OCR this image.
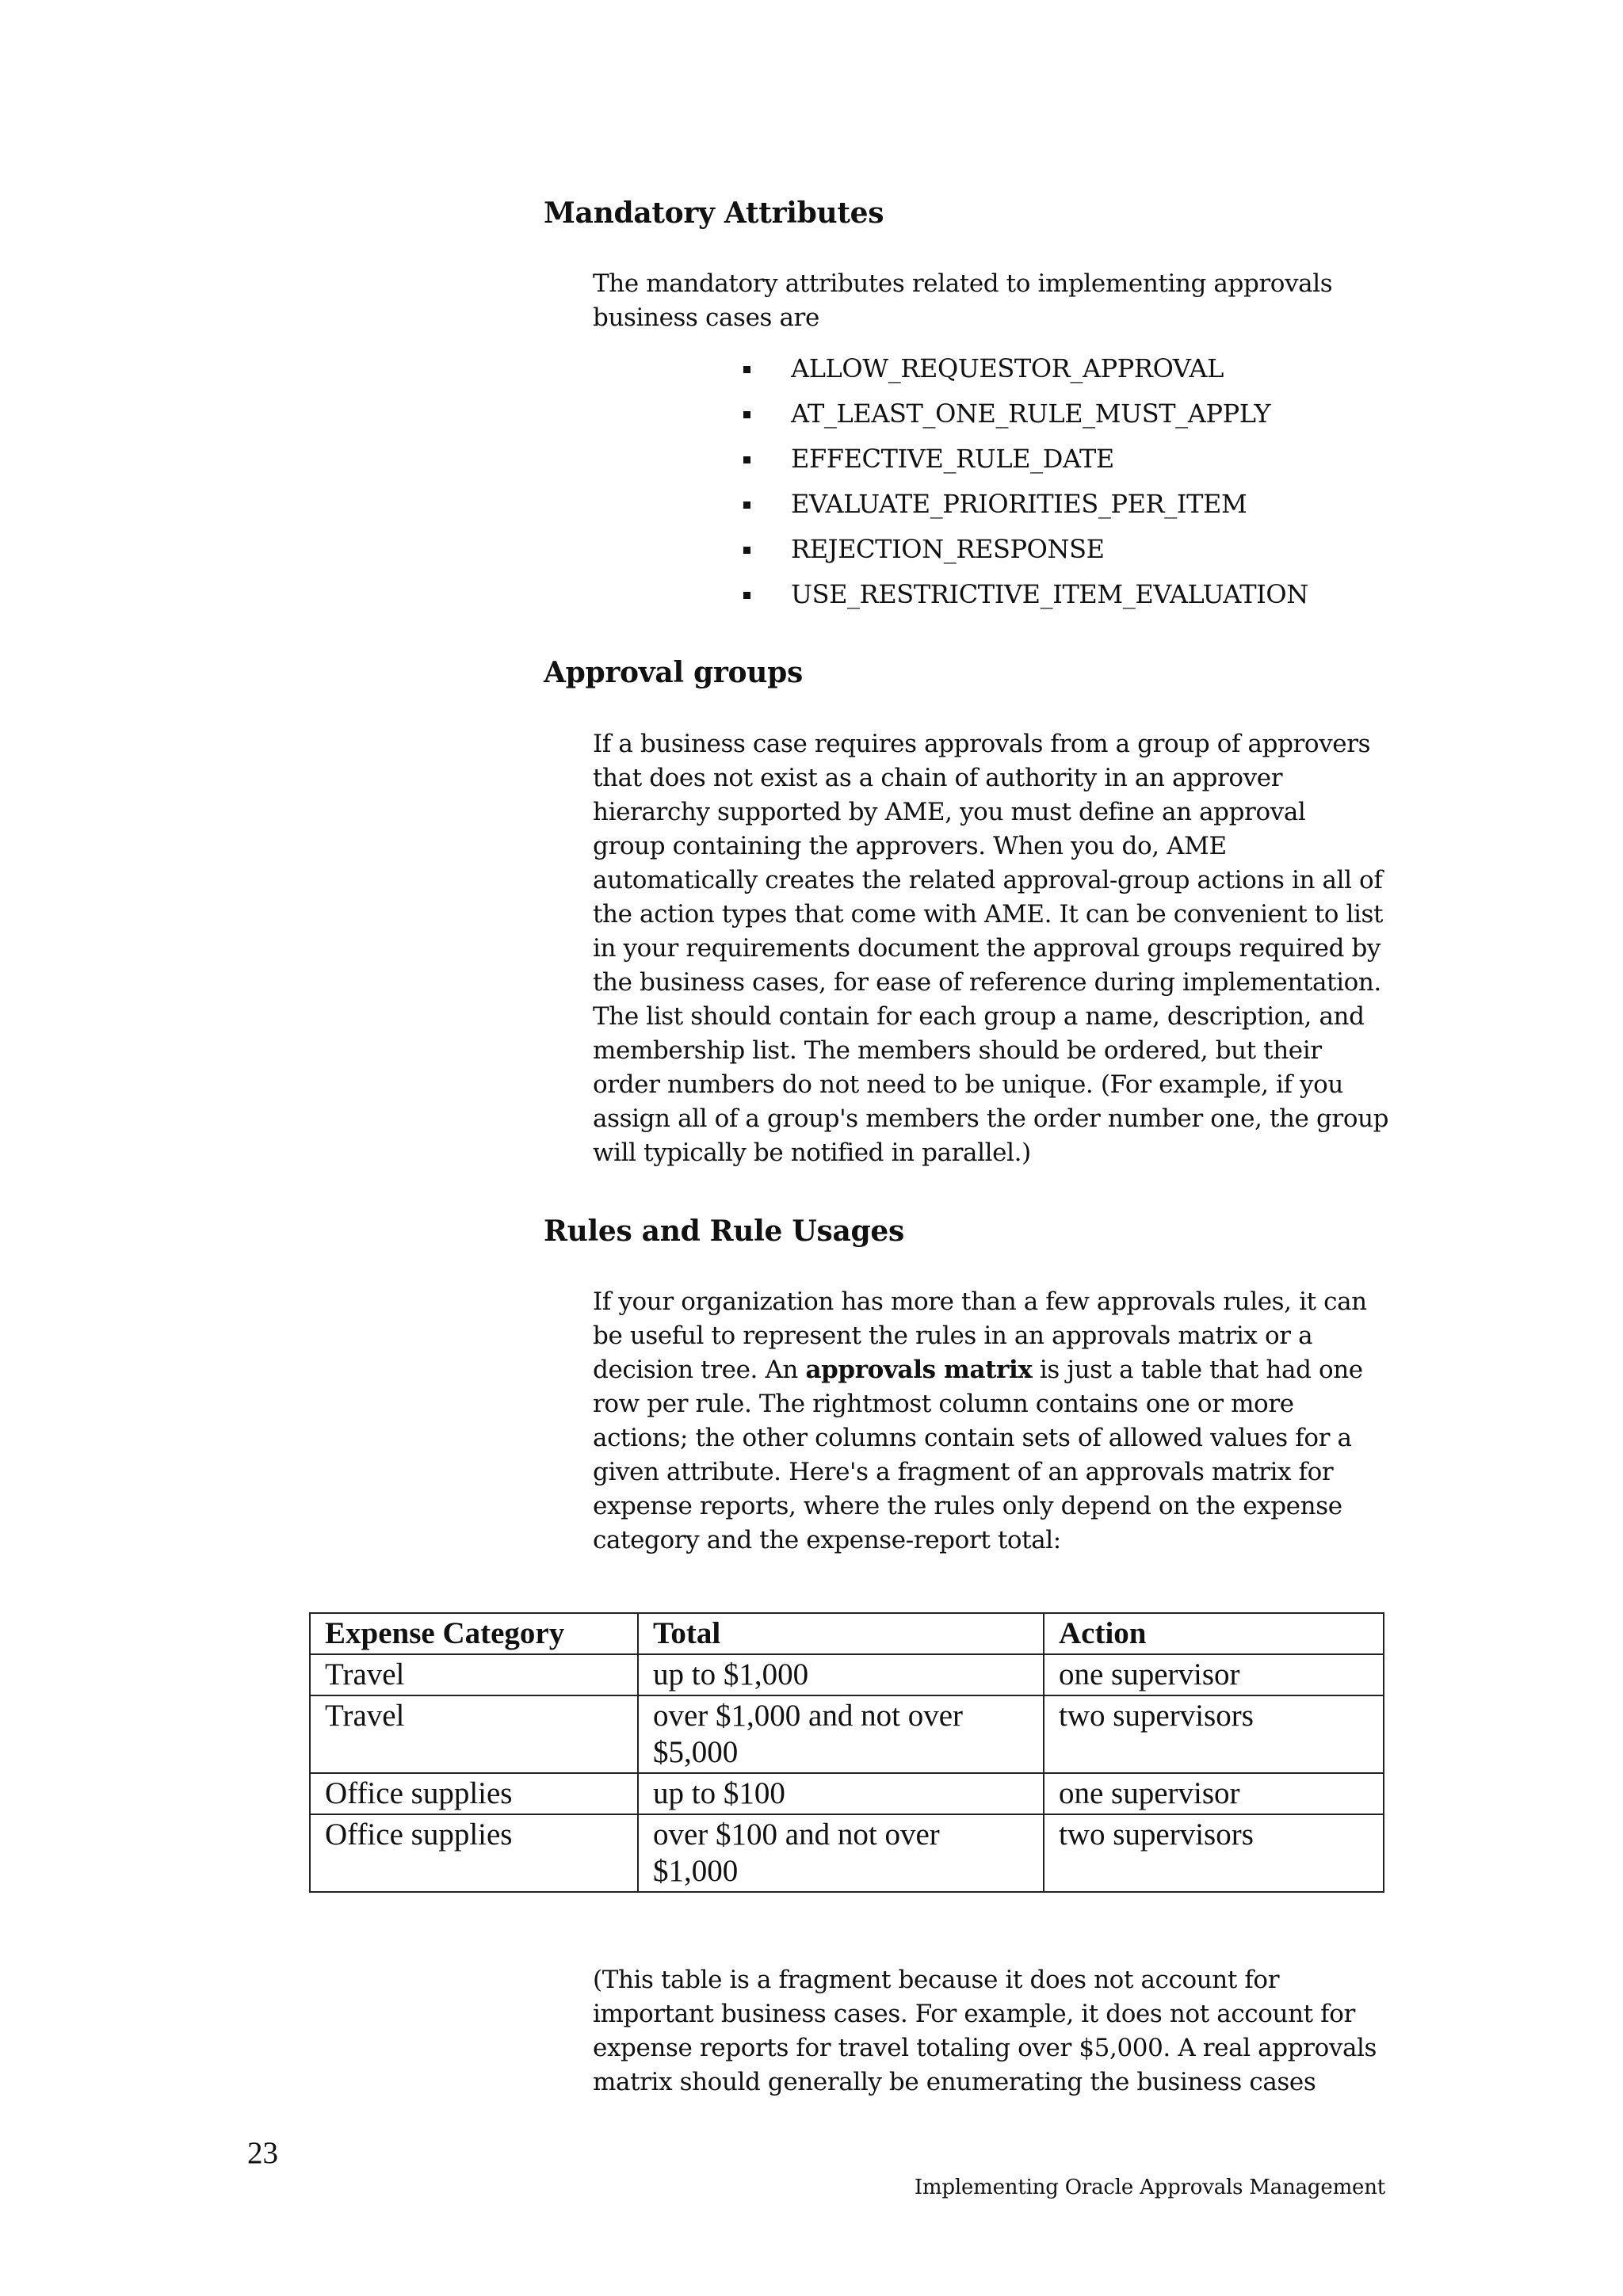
Mandatory Attributes

The mandatory attributes related to implementing approvals
business cases are

ALLOW_REQUESTOR_APPROVAL
AT_LEAST_ONE_RULE_MUST_APPLY
EFFECTIVE_RULE_DATE
EVALUATE_PRIORITIES_PER_ITEM
REJECTION_RESPONSE
USE_RESTRICTIVE_ITEM_EVALUATION
Approval groups

If a business case requires approvals from a group of approvers
that does not exist as a chain of authority in an approver
hierarchy supported by AME, you must define an approval
group containing the approvers. When you do, AME
automatically creates the related approval-group actions in all of
the action types that come with AME. It can be convenient to list
in your requirements document the approval groups required by
the business cases, for ease of reference during implementation.
The list should contain for each group a name, description, and
membership list. The members should be ordered, but their
order numbers do not need to be unique. (For example, if you
assign all of a group's members the order number one, the group
will typically be notified in parallel.)

Rules and Rule Usages

If your organization has more than a few approvals rules, it can
be useful to represent the rules in an approvals matrix or a
decision tree. An approvals matrix is just a table that had one
row per rule. The rightmost column contains one or more
actions; the other columns contain sets of allowed values for a
given attribute. Here's a fragment of an approvals matrix for
expense reports, where the rules only depend on the expense
category and the expense-report total:

Expense Category	Total	Action
Travel	up to $1,000	one supervisor
Travel	over $1,000 and not over $5,000	two supervisors
Office supplies	up to $100	one supervisor
Office supplies	over $100 and not over $1,000	two supervisors

(This table is a fragment because it does not account for
important business cases. For example, it does not account for
expense reports for travel totaling over $5,000. A real approvals
matrix should generally be enumerating the business cases

23
Implementing Oracle Approvals Management
